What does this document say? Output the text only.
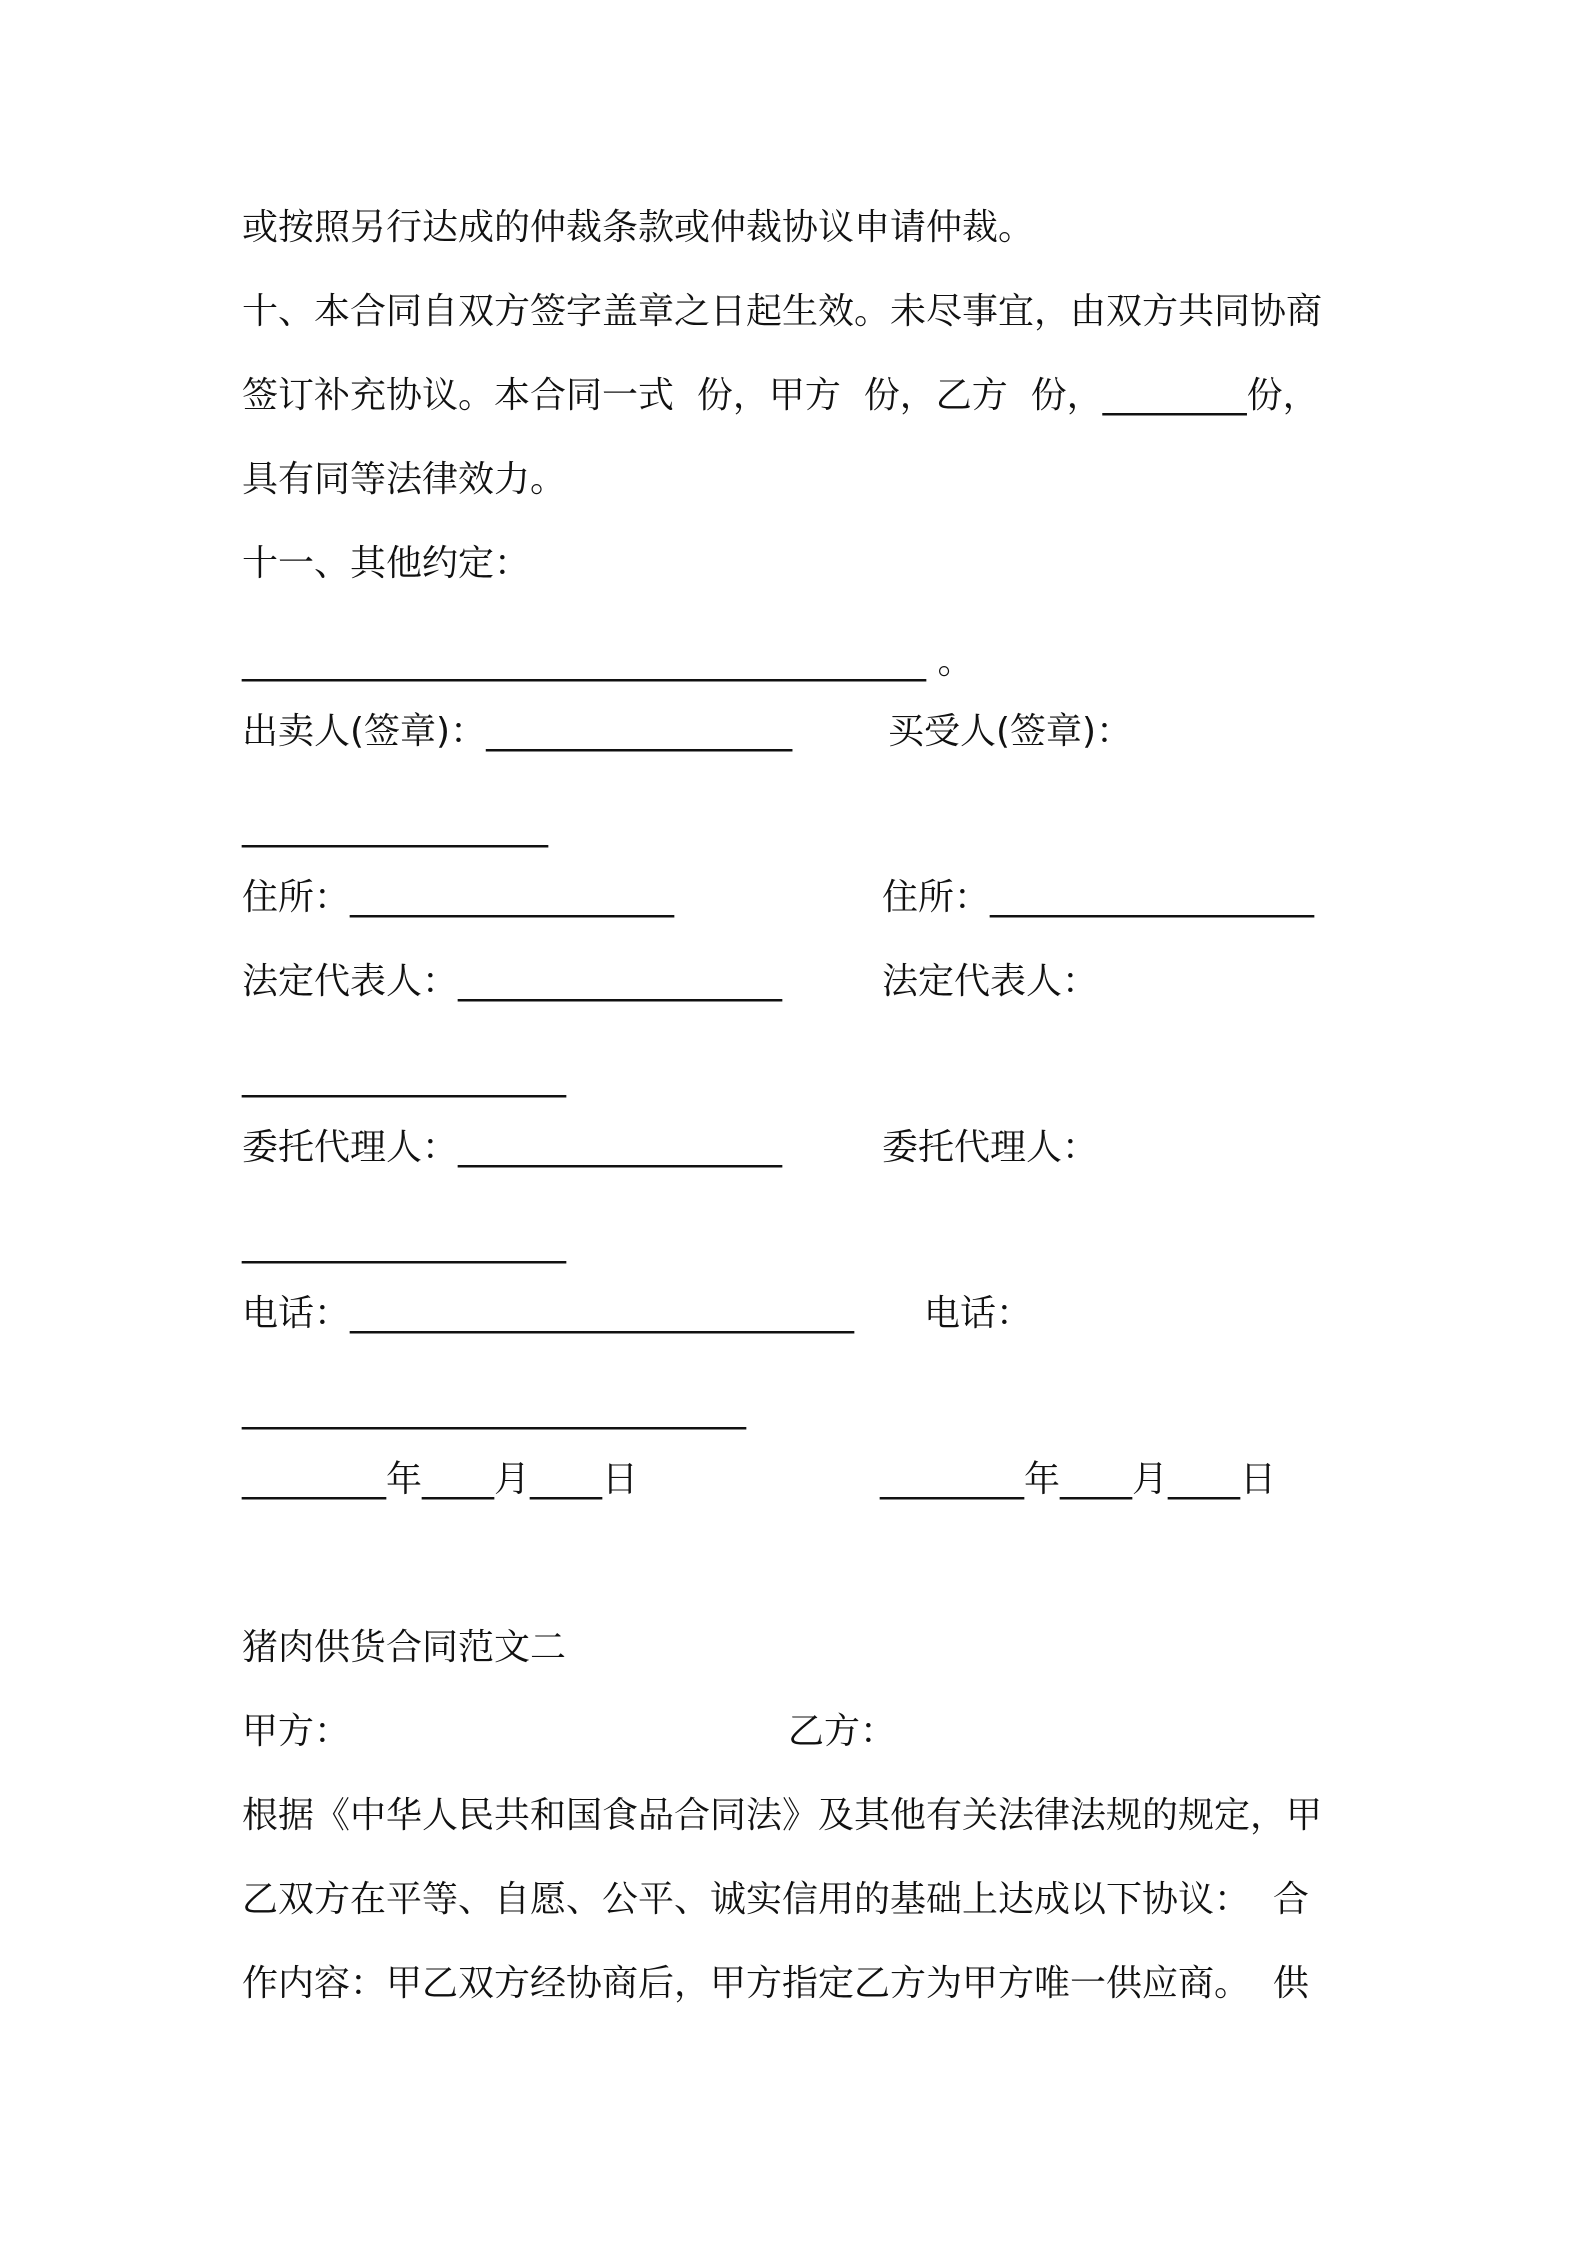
或按照另行达成的仲裁条款或仲裁协议申请仲裁。

十、本合同自双方签字盖章之日起生效。未尽事宜，由双方共同协商

签订补充协议。本合同一式  份，甲方  份，乙方  份，________份，

具有同等法律效力。

十一、其他约定：

______________________________________ 。

出卖人(签章)：_________________	买受人(签章)：

_________________

住所：__________________	住所：__________________

法定代表人：__________________	法定代表人：

__________________

委托代理人：__________________	委托代理人：

__________________

电话：____________________________ 电话：

____________________________

________年____月____日	________年____月____日

猪肉供货合同范文二

甲方：	乙方：

根据《中华人民共和国食品合同法》及其他有关法律法规的规定，甲

乙双方在平等、自愿、公平、诚实信用的基础上达成以下协议：  合

作内容：甲乙双方经协商后，甲方指定乙方为甲方唯一供应商。  供
